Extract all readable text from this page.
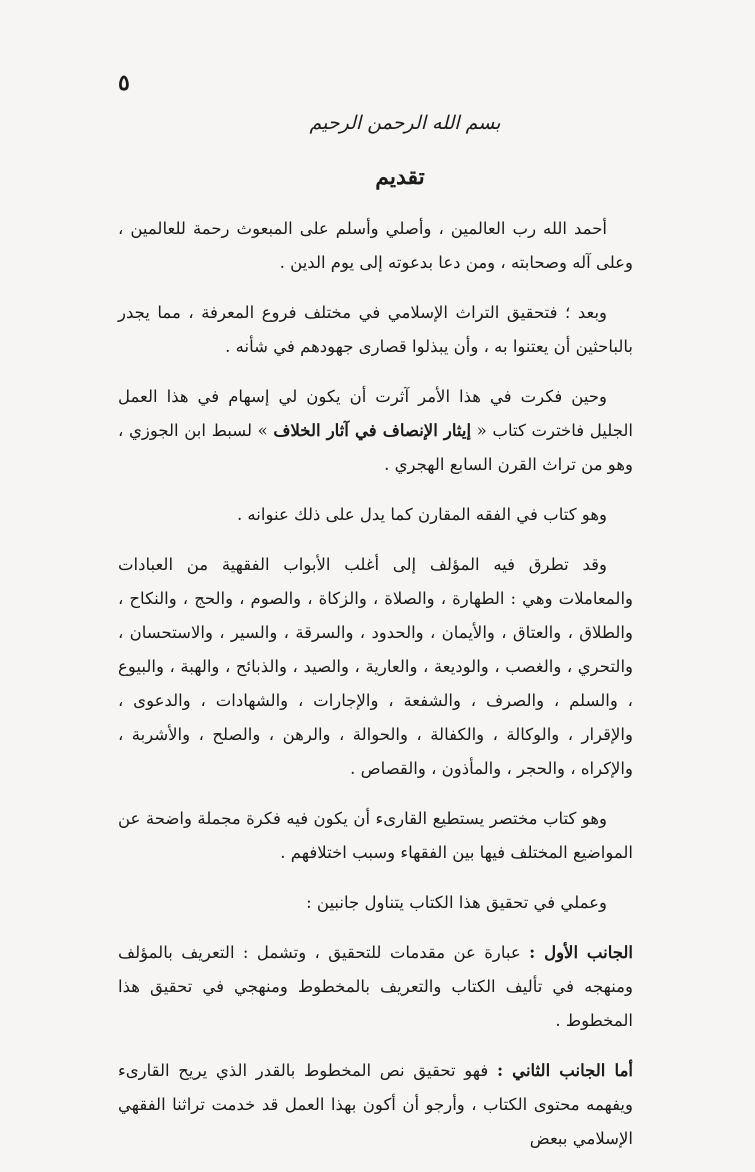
٥
بسم الله الرحمن الرحيم
تقديم

أحمد الله رب العالمين ، وأصلي وأسلم على المبعوث رحمة للعالمين ، وعلى آله وصحابته ، ومن دعا بدعوته إلى يوم الدين .

وبعد ؛ فتحقيق التراث الإسلامي في مختلف فروع المعرفة ، مما يجدر بالباحثين أن يعتنوا به ، وأن يبذلوا قصارى جهودهم في شأنه .

وحين فكرت في هذا الأمر آثرت أن يكون لي إسهام في هذا العمل الجليل فاخترت كتاب « إيثار الإنصاف في آثار الخلاف » لسبط ابن الجوزي ، وهو من تراث القرن السابع الهجري .

وهو كتاب في الفقه المقارن كما يدل على ذلك عنوانه .

وقد تطرق فيه المؤلف إلى أغلب الأبواب الفقهية من العبادات والمعاملات وهي : الطهارة ، والصلاة ، والزكاة ، والصوم ، والحج ، والنكاح ، والطلاق ، والعتاق ، والأيمان ، والحدود ، والسرقة ، والسير ، والاستحسان ، والتحري ، والغصب ، والوديعة ، والعارية ، والصيد ، والذبائح ، والهبة ، والبيوع ، والسلم ، والصرف ، والشفعة ، والإجارات ، والشهادات ، والدعوى ، والإقرار ، والوكالة ، والكفالة ، والحوالة ، والرهن ، والصلح ، والأشربة ، والإكراه ، والحجر ، والمأذون ، والقصاص .

وهو كتاب مختصر يستطيع القارىء أن يكون فيه فكرة مجملة واضحة عن المواضيع المختلف فيها بين الفقهاء وسبب اختلافهم .

وعملي في تحقيق هذا الكتاب يتناول جانبين :

الجانب الأول : عبارة عن مقدمات للتحقيق ، وتشمل : التعريف بالمؤلف ومنهجه في تأليف الكتاب والتعريف بالمخطوط ومنهجي في تحقيق هذا المخطوط .

أما الجانب الثاني : فهو تحقيق نص المخطوط بالقدر الذي يريح القارىء ويفهمه محتوى الكتاب ، وأرجو أن أكون بهذا العمل قد خدمت تراثنا الفقهي الإسلامي ببعض
